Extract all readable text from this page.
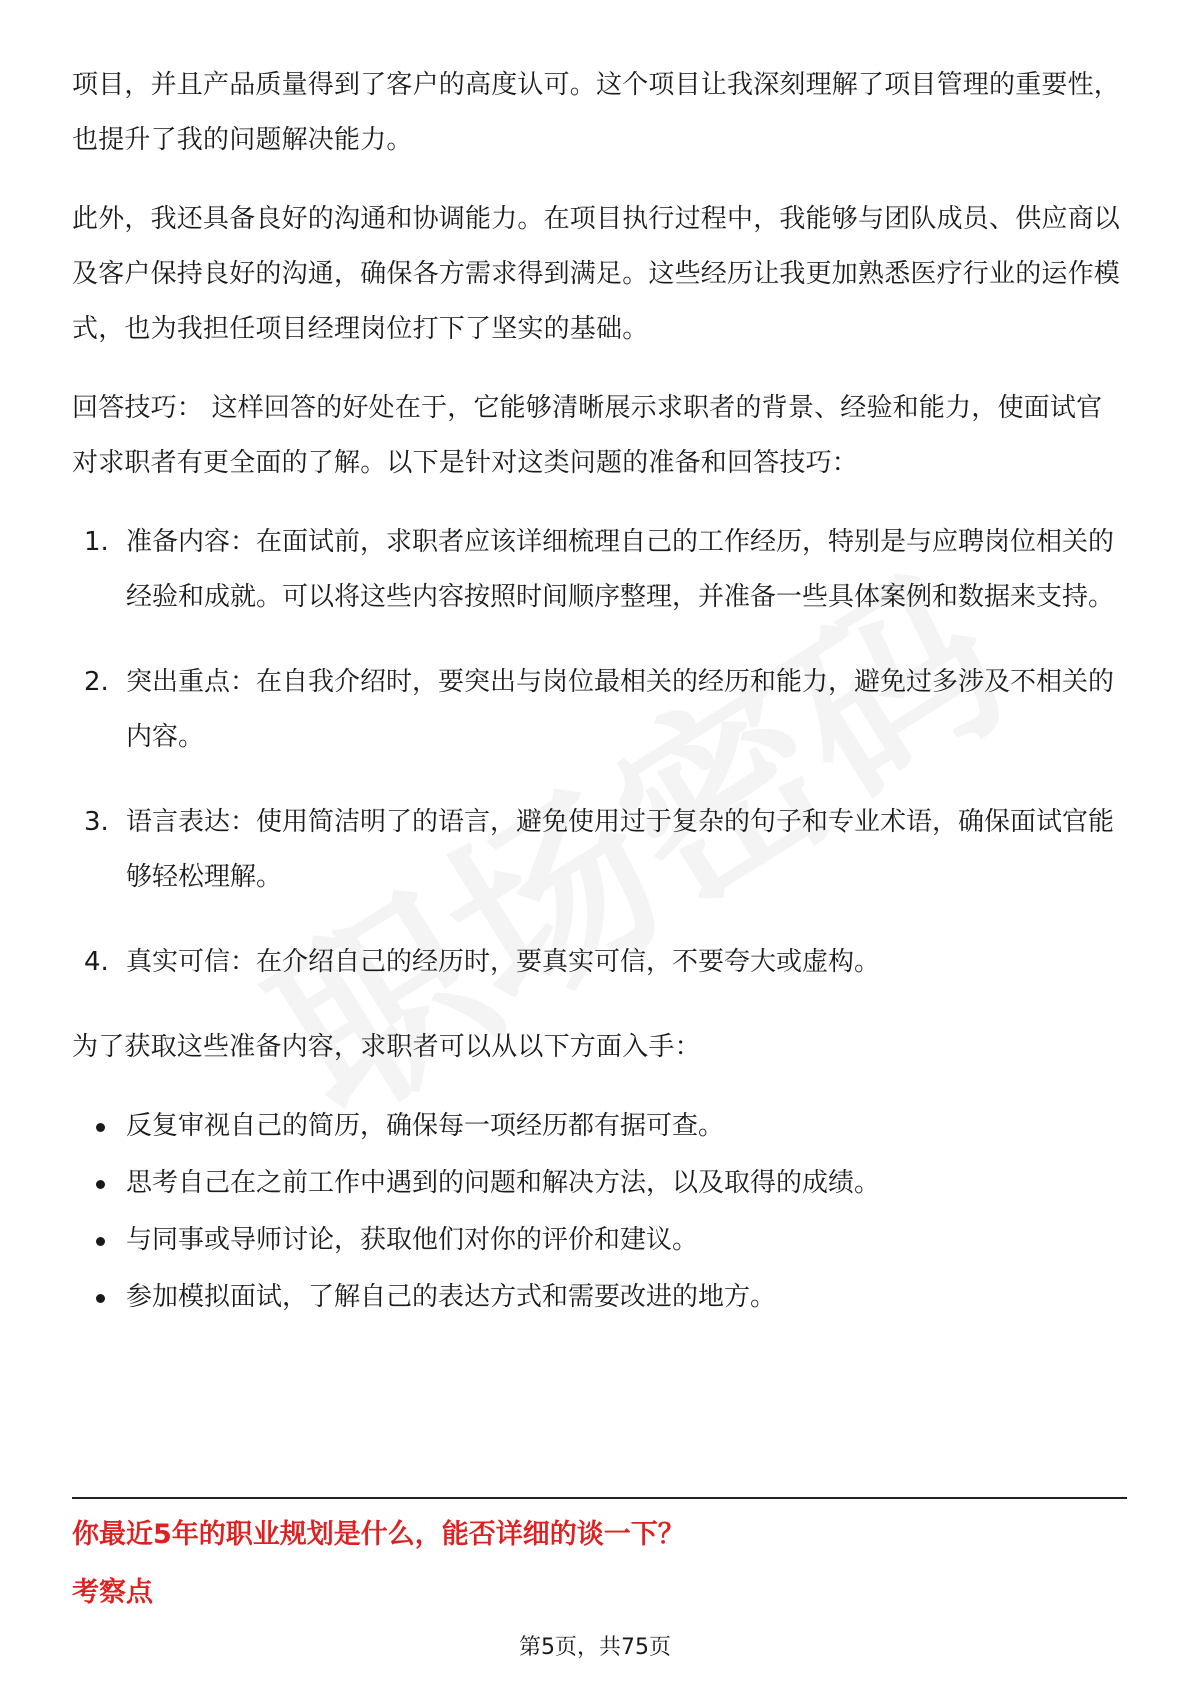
项目，并且产品质量得到了客户的高度认可。这个项目让我深刻理解了项目管理的重要性，也提升了我的问题解决能力。

此外，我还具备良好的沟通和协调能力。在项目执行过程中，我能够与团队成员、供应商以及客户保持良好的沟通，确保各方需求得到满足。这些经历让我更加熟悉医疗行业的运作模式，也为我担任项目经理岗位打下了坚实的基础。

回答技巧： 这样回答的好处在于，它能够清晰展示求职者的背景、经验和能力，使面试官对求职者有更全面的了解。以下是针对这类问题的准备和回答技巧：

1. 准备内容：在面试前，求职者应该详细梳理自己的工作经历，特别是与应聘岗位相关的经验和成就。可以将这些内容按照时间顺序整理，并准备一些具体案例和数据来支持。
2. 突出重点：在自我介绍时，要突出与岗位最相关的经历和能力，避免过多涉及不相关的内容。
3. 语言表达：使用简洁明了的语言，避免使用过于复杂的句子和专业术语，确保面试官能够轻松理解。
4. 真实可信：在介绍自己的经历时，要真实可信，不要夸大或虚构。

为了获取这些准备内容，求职者可以从以下方面入手：

反复审视自己的简历，确保每一项经历都有据可查。
思考自己在之前工作中遇到的问题和解决方法，以及取得的成绩。
与同事或导师讨论，获取他们对你的评价和建议。
参加模拟面试，了解自己的表达方式和需要改进的地方。

你最近5年的职业规划是什么，能否详细的谈一下？

考察点

第5页，共75页
